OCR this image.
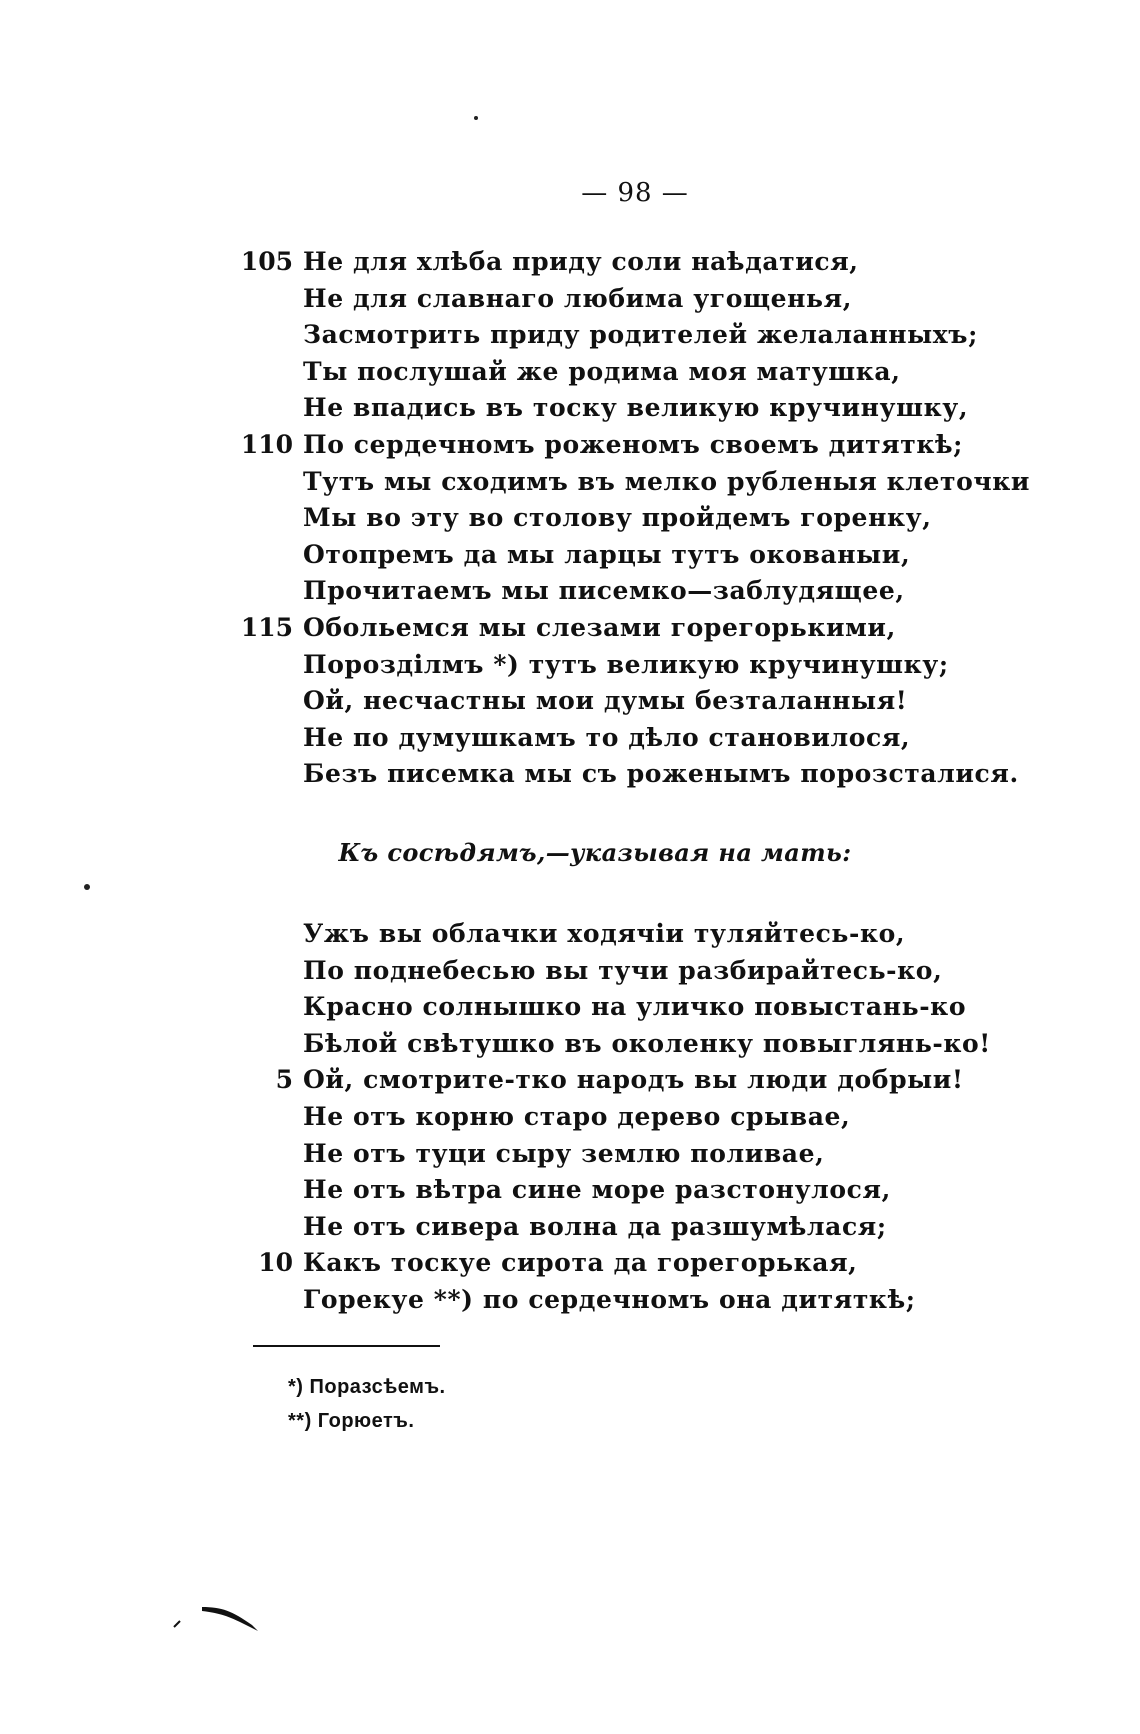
— 98 —
105 Не для хлѣба приду соли наѣдатися,
Не для славнаго любима угощенья,
Засмотрить приду родителей желаланныхъ;
Ты послушай же родима моя матушка,
Не впадись въ тоску великую кручинушку,
110 По сердечномъ роженомъ своемъ дитяткѣ;
Тутъ мы сходимъ въ мелко рубленыя клеточки
Мы во эту во столову пройдемъ горенку,
Отопремъ да мы ларцы тутъ окованыи,
Прочитаемъ мы писемко—заблудящее,
115 Обольемся мы слезами горегорькими,
Порозділмъ *) тутъ великую кручинушку;
Ой, несчастны мои думы безталанныя!
Не по думушкамъ то дѣло становилося,
Безъ писемка мы съ роженымъ порозсталися.
Къ сосѣдямъ,—указывая на мать:
Ужъ вы облачки ходячіи туляйтесь-ко,
По поднебесью вы тучи разбирайтесь-ко,
Красно солнышко на уличко повыстань-ко
Бѣлой свѣтушко въ околенку повыглянь-ко!
5 Ой, смотрите-тко народъ вы люди добрыи!
Не отъ корню старо дерево срывае,
Не отъ туци сыру землю поливае,
Не отъ вѣтра сине море разстонулося,
Не отъ сивера волна да разшумѣлася;
10 Какъ тоскуе сирота да горегорькая,
Горекуе **) по сердечномъ она дитяткѣ;
*) Поразсѣемъ.
**) Горюетъ.
